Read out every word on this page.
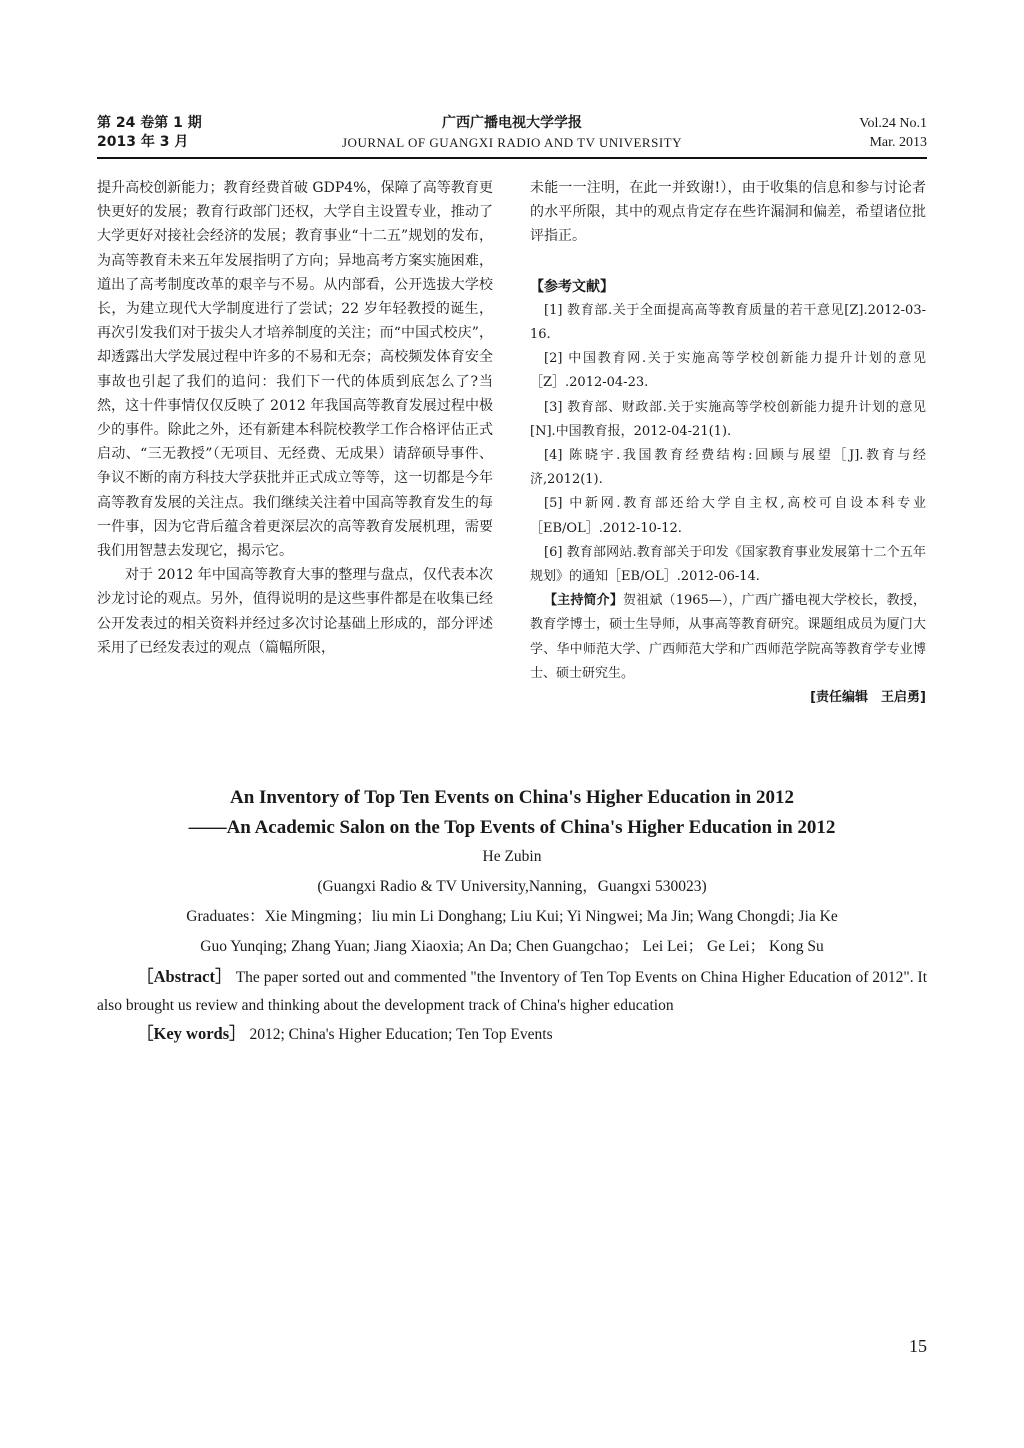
第 24 卷第 1 期
2013 年 3 月
广西广播电视大学学报
JOURNAL OF GUANGXI RADIO AND TV UNIVERSITY
Vol.24 No.1
Mar. 2013

提升高校创新能力；教育经费首破 GDP4%，保障了高等教育更快更好的发展；教育行政部门还权，大学自主设置专业，推动了大学更好对接社会经济的发展；教育事业“十二五”规划的发布，为高等教育未来五年发展指明了方向；异地高考方案实施困难，道出了高考制度改革的艰辛与不易。从内部看，公开选拔大学校长，为建立现代大学制度进行了尝试；22 岁年轻教授的诞生，再次引发我们对于拔尖人才培养制度的关注；而“中国式校庆”，却透露出大学发展过程中许多的不易和无奈；高校频发体育安全事故也引起了我们的追问：我们下一代的体质到底怎么了?当然，这十件事情仅仅反映了 2012 年我国高等教育发展过程中极少的事件。除此之外，还有新建本科院校教学工作合格评估正式启动、“三无教授”（无项目、无经费、无成果）请辞硕导事件、争议不断的南方科技大学获批并正式成立等等，这一切都是今年高等教育发展的关注点。我们继续关注着中国高等教育发生的每一件事，因为它背后蕴含着更深层次的高等教育发展机理，需要我们用智慧去发现它，揭示它。

对于 2012 年中国高等教育大事的整理与盘点，仅代表本次沙龙讨论的观点。另外，值得说明的是这些事件都是在收集已经公开发表过的相关资料并经过多次讨论基础上形成的，部分评述采用了已经发表过的观点（篇幅所限，

未能一一注明，在此一并致谢!），由于收集的信息和参与讨论者的水平所限，其中的观点肯定存在些许漏洞和偏差，希望诸位批评指正。

【参考文献】

[1] 教育部.关于全面提高高等教育质量的若干意见[Z].2012-03-16.

[2] 中国教育网.关于实施高等学校创新能力提升计划的意见［Z］.2012-04-23.

[3] 教育部、财政部.关于实施高等学校创新能力提升计划的意见[N].中国教育报，2012-04-21(1).

[4] 陈晓宇.我国教育经费结构:回顾与展望［J].教育与经济,2012(1).

[5] 中新网.教育部还给大学自主权,高校可自设本科专业［EB/OL］.2012-10-12.

[6] 教育部网站.教育部关于印发《国家教育事业发展第十二个五年规划》的通知［EB/OL］.2012-06-14.

【主持简介】贺祖斌（1965—），广西广播电视大学校长，教授，教育学博士，硕士生导师，从事高等教育研究。课题组成员为厦门大学、华中师范大学、广西师范大学和广西师范学院高等教育学专业博士、硕士研究生。

[责任编辑　王启勇]

An Inventory of Top Ten Events on China's Higher Education in 2012

——An Academic Salon on the Top Events of China's Higher Education in 2012

He Zubin

(Guangxi Radio & TV University,Nanning，Guangxi 530023)

Graduates：Xie Mingming；liu min Li Donghang; Liu Kui; Yi Ningwei; Ma Jin; Wang Chongdi; Jia Ke

Guo Yunqing; Zhang Yuan; Jiang Xiaoxia; An Da; Chen Guangchao； Lei Lei； Ge Lei； Kong Su

［Abstract］ The paper sorted out and commented "the Inventory of Ten Top Events on China Higher Education of 2012". It also brought us review and thinking about the development track of China's higher education

［Key words］ 2012; China's Higher Education; Ten Top Events

15
